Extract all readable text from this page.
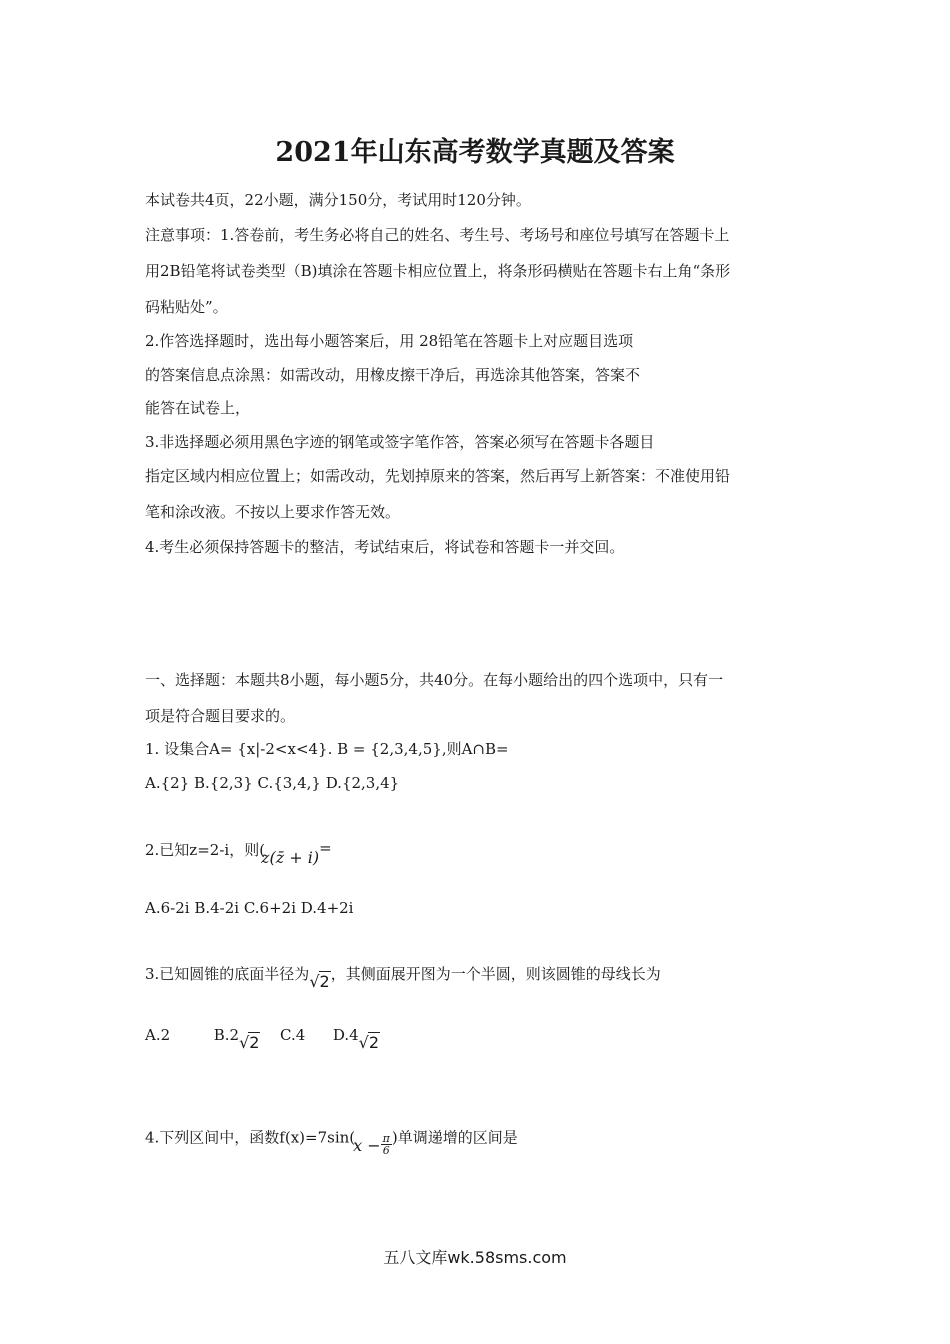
2021年山东高考数学真题及答案
本试卷共4页，22小题，满分150分，考试用时120分钟。
注意事项：1.答卷前，考生务必将自己的姓名、考生号、考场号和座位号填写在答题卡上
用2B铅笔将试卷类型（B)填涂在答题卡相应位置上，将条形码横贴在答题卡右上角“条形
码粘贴处”。
2.作答选择题时，选出每小题答案后，用 28铅笔在答题卡上对应题目选项
的答案信息点涂黑：如需改动，用橡皮擦干净后，再选涂其他答案，答案不
能答在试卷上，
3.非选择题必须用黑色字迹的钢笔或签字笔作答，答案必须写在答题卡各题目
指定区域内相应位置上；如需改动，先划掉原来的答案，然后再写上新答案：不准使用铅
笔和涂改液。不按以上要求作答无效。
4.考生必须保持答题卡的整洁，考试结束后，将试卷和答题卡一并交回。
一、选择题：本题共8小题，每小题5分，共40分。在每小题给出的四个选项中，只有一
项是符合题目要求的。
1. 设集合A= {x|-2<x<4}. B = {2,3,4,5},则A∩B=
A.{2} B.{2,3} C.{3,4,} D.{2,3,4}
2.已知z=2-i，则(z(z̄ + i)=
A.6-2i B.4-2i C.6+2i D.4+2i
3.已知圆锥的底面半径为√2，其侧面展开图为一个半圆，则该圆锥的母线长为
A.2	B.2√2 C.4 D.4√2
4.下列区间中，函数$f(x)=7\sin(x - \frac{\pi}{6}$ )单调递增的区间是
五八文库wk.58sms.com
